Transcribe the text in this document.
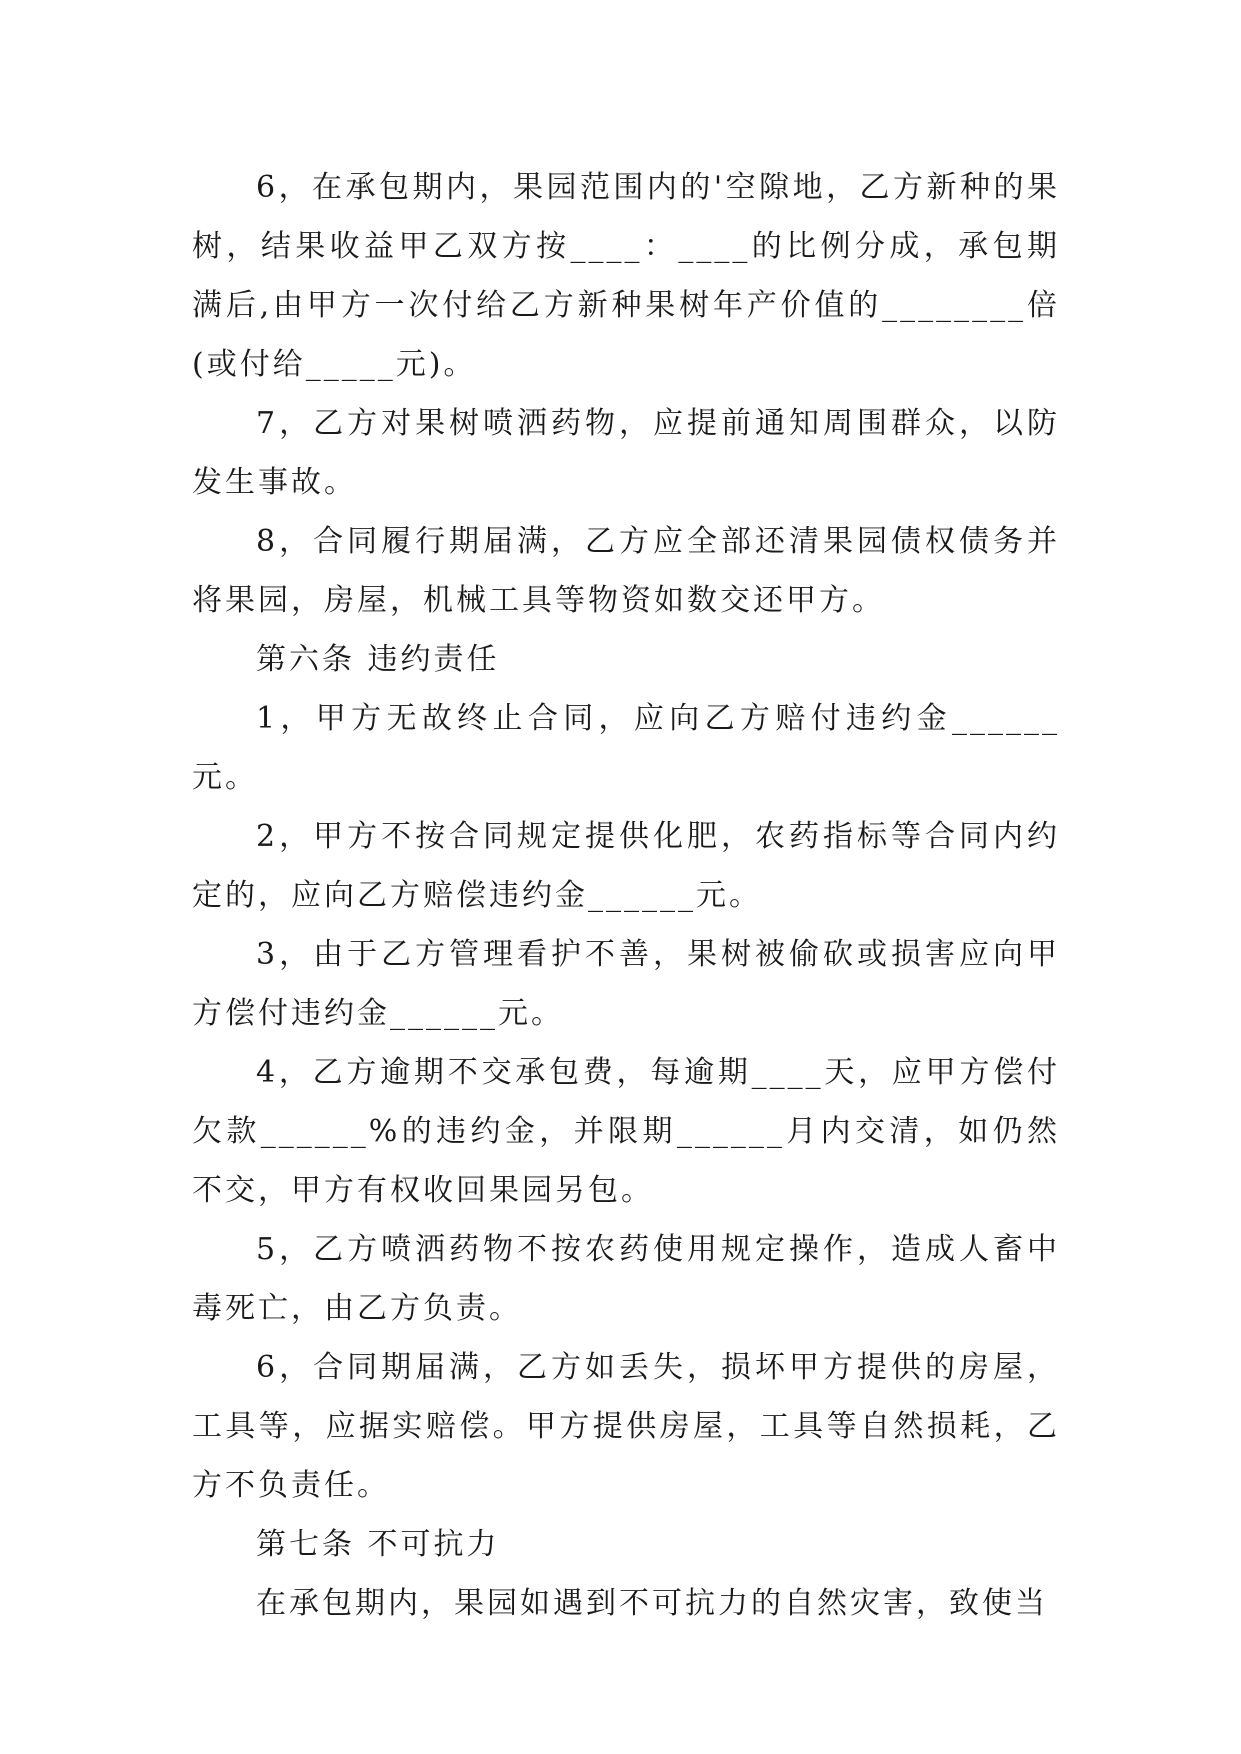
6，在承包期内，果园范围内的'空隙地，乙方新种的果树，结果收益甲乙双方按____：____的比例分成，承包期满后,由甲方一次付给乙方新种果树年产价值的________倍(或付给_____元)。

7，乙方对果树喷洒药物，应提前通知周围群众，以防发生事故。

8，合同履行期届满，乙方应全部还清果园债权债务并将果园，房屋，机械工具等物资如数交还甲方。

第六条 违约责任

1，甲方无故终止合同，应向乙方赔付违约金______元。

2，甲方不按合同规定提供化肥，农药指标等合同内约定的，应向乙方赔偿违约金______元。

3，由于乙方管理看护不善，果树被偷砍或损害应向甲方偿付违约金______元。

4，乙方逾期不交承包费，每逾期____天，应甲方偿付欠款______%的违约金，并限期______月内交清，如仍然不交，甲方有权收回果园另包。

5，乙方喷洒药物不按农药使用规定操作，造成人畜中毒死亡，由乙方负责。

6，合同期届满，乙方如丢失，损坏甲方提供的房屋，工具等，应据实赔偿。甲方提供房屋，工具等自然损耗，乙方不负责任。

第七条 不可抗力

在承包期内，果园如遇到不可抗力的自然灾害，致使当
